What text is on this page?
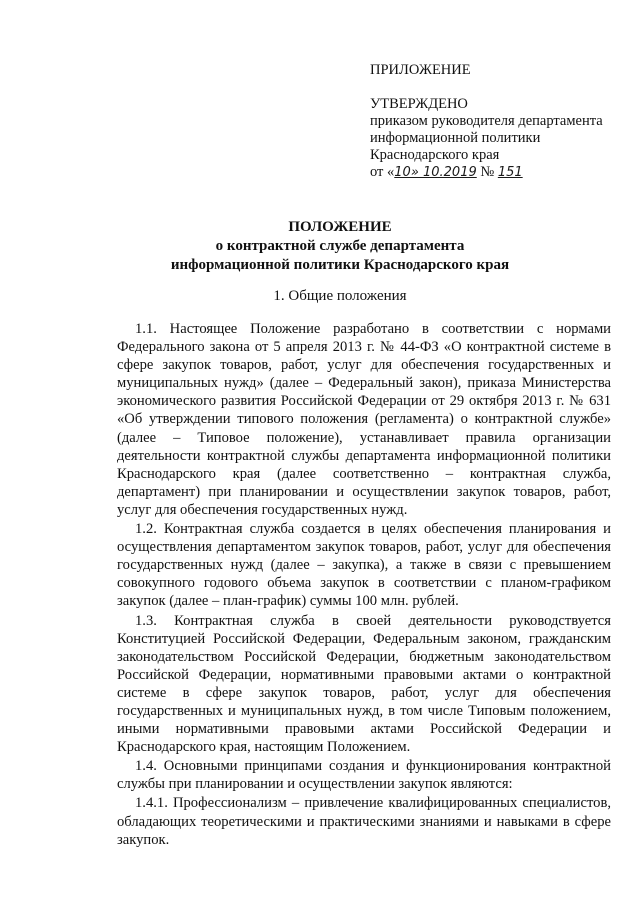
ПРИЛОЖЕНИЕ
УТВЕРЖДЕНО
приказом руководителя департамента
информационной политики
Краснодарского края
от «10» 10.2019 № 151
ПОЛОЖЕНИЕ
о контрактной службе департамента
информационной политики Краснодарского края
1. Общие положения

1.1. Настоящее Положение разработано в соответствии с нормами Федерального закона от 5 апреля 2013 г. № 44-ФЗ «О контрактной системе в сфере закупок товаров, работ, услуг для обеспечения государственных и муниципальных нужд» (далее – Федеральный закон), приказа Министерства экономического развития Российской Федерации от 29 октября 2013 г. № 631 «Об утверждении типового положения (регламента) о контрактной службе» (далее – Типовое положение), устанавливает правила организации деятельности контрактной службы департамента информационной политики Краснодарского края (далее соответственно – контрактная служба, департамент) при планировании и осуществлении закупок товаров, работ, услуг для обеспечения государственных нужд.

1.2. Контрактная служба создается в целях обеспечения планирования и осуществления департаментом закупок товаров, работ, услуг для обеспечения государственных нужд (далее – закупка), а также в связи с превышением совокупного годового объема закупок в соответствии с планом-графиком закупок (далее – план-график) суммы 100 млн. рублей.

1.3. Контрактная служба в своей деятельности руководствуется Конституцией Российской Федерации, Федеральным законом, гражданским законодательством Российской Федерации, бюджетным законодательством Российской Федерации, нормативными правовыми актами о контрактной системе в сфере закупок товаров, работ, услуг для обеспечения государственных и муниципальных нужд, в том числе Типовым положением, иными нормативными правовыми актами Российской Федерации и Краснодарского края, настоящим Положением.

1.4. Основными принципами создания и функционирования контрактной службы при планировании и осуществлении закупок являются:

1.4.1. Профессионализм – привлечение квалифицированных специалистов, обладающих теоретическими и практическими знаниями и навыками в сфере закупок.
